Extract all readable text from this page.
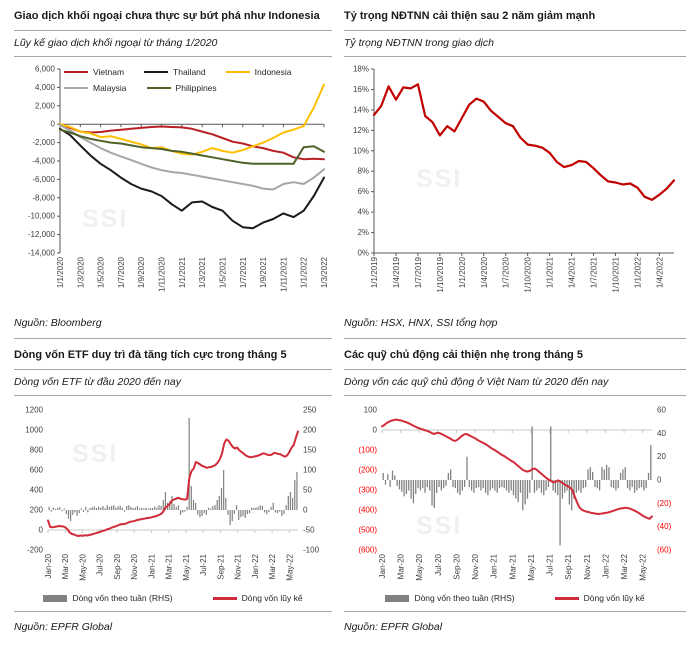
Giao dịch khối ngoại chưa thực sự bứt phá như Indonesia
Lũy kế giao dịch khối ngoại từ tháng 1/2020
Vietnam	Thailand	Indonesia
Malaysia	Philippines
6,000
4,000
2,000
0
-2,000
-4,000
-6,000
-8,000
-10,000
-12,000
-14,000
1/1/2020 1/3/2020 1/5/2020 1/7/2020 1/9/2020 1/11/2020 1/1/2021 1/3/2021 1/5/2021 1/7/2021 1/9/2021 1/11/2021 1/1/2022 1/3/2022
SSI
Nguồn: Bloomberg
Tỷ trọng NĐTNN cải thiện sau 2 năm giảm mạnh
Tỷ trọng NĐTNN trong giao dịch
18%
16%
14%
12%
10%
8%
6%
4%
2%
0%
1/1/2019 1/4/2019 1/7/2019 1/10/2019 1/1/2020 1/4/2020 1/7/2020 1/10/2020 1/1/2021 1/4/2021 1/7/2021 1/10/2021 1/1/2022 1/4/2022
SSI
Nguồn: HSX, HNX, SSI tổng hợp
Dòng vốn ETF duy trì đà tăng tích cực trong tháng 5
Dòng vốn ETF từ đầu 2020 đến nay
1200
1000
800
600
400
200
0
-200
250
200
150
100
50
0
-50
-100
Jan-20 Mar-20 May-20 Jul-20 Sep-20 Nov-20 Jan-21 Mar-21 May-21 Jul-21 Sep-21 Nov-21 Jan-22 Mar-22 May-22
SSI
Dòng vốn theo tuần (RHS)	Dòng vốn lũy kế
Nguồn: EPFR Global
Các quỹ chủ động cải thiện nhẹ trong tháng 5
Dòng vốn các quỹ chủ động ở Việt Nam từ 2020 đến nay
100
0
(100)
(200)
(300)
(400)
(500)
(600)
60
40
20
0
(20)
(40)
(60)
Jan-20 Mar-20 May-20 Jul-20 Sep-20 Nov-20 Jan-21 Mar-21 May-21 Jul-21 Sep-21 Nov-21 Jan-22 Mar-22 May-22
SSI
Dòng vốn theo tuần (RHS)	Dòng vốn lũy kế
Nguồn: EPFR Global
